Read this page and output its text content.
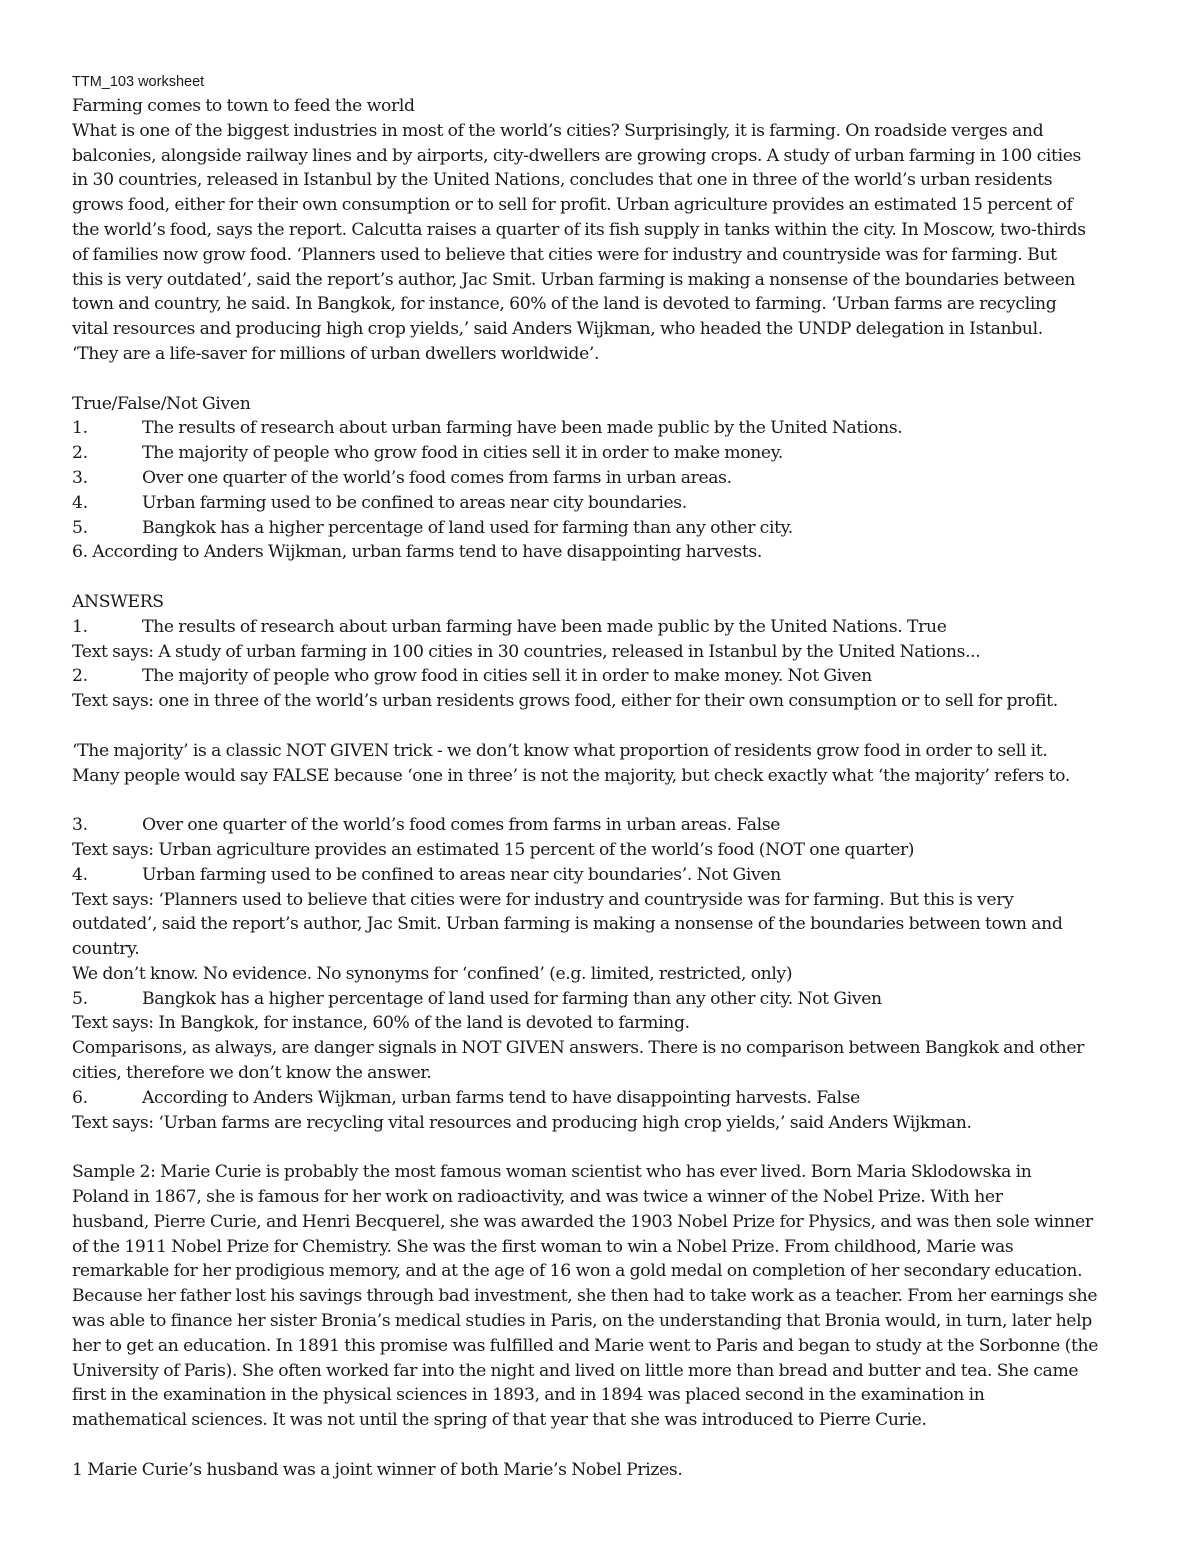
TTM_103 worksheet
Farming comes to town to feed the world
What is one of the biggest industries in most of the world’s cities? Surprisingly, it is farming. On roadside verges and
balconies, alongside railway lines and by airports, city-dwellers are growing crops. A study of urban farming in 100 cities
in 30 countries, released in Istanbul by the United Nations, concludes that one in three of the world’s urban residents
grows food, either for their own consumption or to sell for profit. Urban agriculture provides an estimated 15 percent of
the world’s food, says the report. Calcutta raises a quarter of its fish supply in tanks within the city. In Moscow, two-thirds
of families now grow food. ‘Planners used to believe that cities were for industry and countryside was for farming. But
this is very outdated’, said the report’s author, Jac Smit. Urban farming is making a nonsense of the boundaries between
town and country, he said. In Bangkok, for instance, 60% of the land is devoted to farming. ‘Urban farms are recycling
vital resources and producing high crop yields,’ said Anders Wijkman, who headed the UNDP delegation in Istanbul.
‘They are a life-saver for millions of urban dwellers worldwide’.
True/False/Not Given
1.	The results of research about urban farming have been made public by the United Nations.
2.	The majority of people who grow food in cities sell it in order to make money.
3.	Over one quarter of the world’s food comes from farms in urban areas.
4.	Urban farming used to be confined to areas near city boundaries.
5.	Bangkok has a higher percentage of land used for farming than any other city.
6. According to Anders Wijkman, urban farms tend to have disappointing harvests.
ANSWERS
1.	The results of research about urban farming have been made public by the United Nations. True
Text says: A study of urban farming in 100 cities in 30 countries, released in Istanbul by the United Nations...
2.	The majority of people who grow food in cities sell it in order to make money. Not Given
Text says: one in three of the world’s urban residents grows food, either for their own consumption or to sell for profit.
‘The majority’ is a classic NOT GIVEN trick - we don’t know what proportion of residents grow food in order to sell it.
Many people would say FALSE because ‘one in three’ is not the majority, but check exactly what ‘the majority’ refers to.
3.	Over one quarter of the world’s food comes from farms in urban areas. False
Text says: Urban agriculture provides an estimated 15 percent of the world’s food (NOT one quarter)
4.	Urban farming used to be confined to areas near city boundaries’. Not Given
Text says: ‘Planners used to believe that cities were for industry and countryside was for farming. But this is very
outdated’, said the report’s author, Jac Smit. Urban farming is making a nonsense of the boundaries between town and
country.
We don’t know. No evidence. No synonyms for ‘confined’ (e.g. limited, restricted, only)
5.	Bangkok has a higher percentage of land used for farming than any other city. Not Given
Text says: In Bangkok, for instance, 60% of the land is devoted to farming.
Comparisons, as always, are danger signals in NOT GIVEN answers. There is no comparison between Bangkok and other
cities, therefore we don’t know the answer.
6.	According to Anders Wijkman, urban farms tend to have disappointing harvests. False
Text says: ‘Urban farms are recycling vital resources and producing high crop yields,’ said Anders Wijkman.
Sample 2: Marie Curie is probably the most famous woman scientist who has ever lived. Born Maria Sklodowska in
Poland in 1867, she is famous for her work on radioactivity, and was twice a winner of the Nobel Prize. With her
husband, Pierre Curie, and Henri Becquerel, she was awarded the 1903 Nobel Prize for Physics, and was then sole winner
of the 1911 Nobel Prize for Chemistry. She was the first woman to win a Nobel Prize. From childhood, Marie was
remarkable for her prodigious memory, and at the age of 16 won a gold medal on completion of her secondary education.
Because her father lost his savings through bad investment, she then had to take work as a teacher. From her earnings she
was able to finance her sister Bronia’s medical studies in Paris, on the understanding that Bronia would, in turn, later help
her to get an education. In 1891 this promise was fulfilled and Marie went to Paris and began to study at the Sorbonne (the
University of Paris). She often worked far into the night and lived on little more than bread and butter and tea. She came
first in the examination in the physical sciences in 1893, and in 1894 was placed second in the examination in
mathematical sciences. It was not until the spring of that year that she was introduced to Pierre Curie.
1 Marie Curie’s husband was a joint winner of both Marie’s Nobel Prizes.
